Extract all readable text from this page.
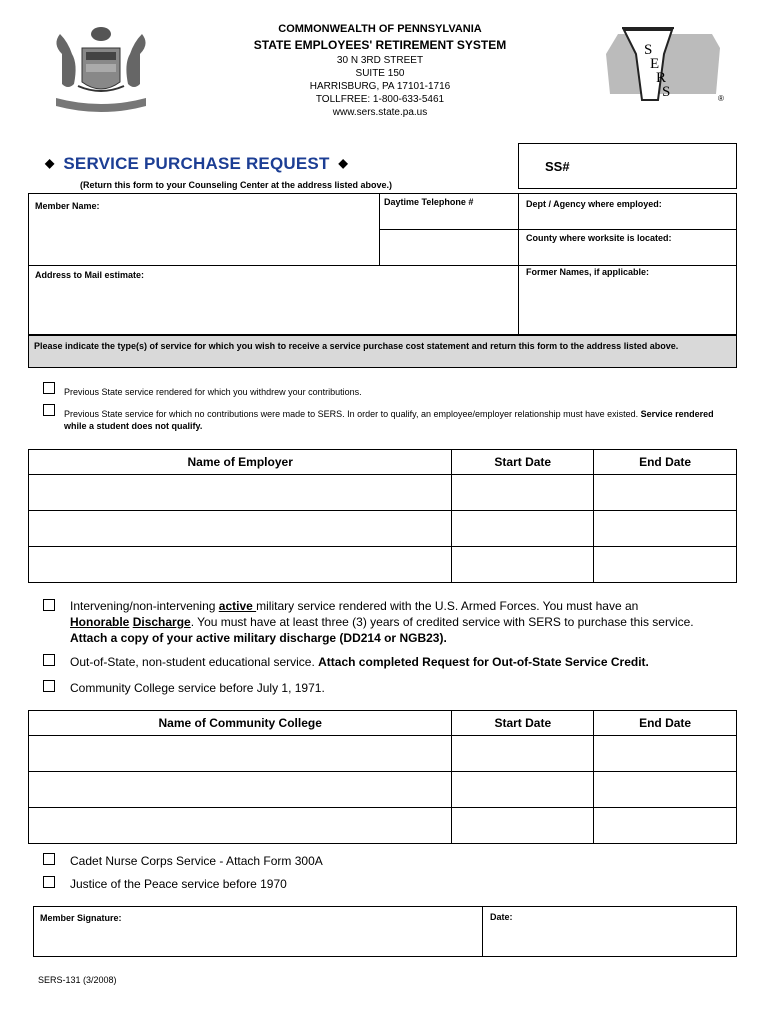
COMMONWEALTH OF PENNSYLVANIA
STATE EMPLOYEES' RETIREMENT SYSTEM
30 N 3RD STREET
SUITE 150
HARRISBURG, PA 17101-1716
TOLLFREE: 1-800-633-5461
www.sers.state.pa.us
S
E
R
S	®
◆ SERVICE PURCHASE REQUEST ◆
(Return this form to your Counseling Center at the address listed above.)
SS#
Member Name:	Daytime Telephone #	Dept / Agency where employed:
County where worksite is located:
Address to Mail estimate:	Former Names, if applicable:
Please indicate the type(s) of service for which you wish to receive a service purchase cost statement and return this form to the address listed above.
Previous State service rendered for which you withdrew your contributions.
Previous State service for which no contributions were made to SERS. In order to qualify, an employee/employer relationship must have existed. Service rendered while a student does not qualify.
Name of Employer	Start Date	End Date

Intervening/non-intervening active military service rendered with the U.S. Armed Forces. You must have an
Honorable Discharge. You must have at least three (3) years of credited service with SERS to purchase this service.
Attach a copy of your active military discharge (DD214 or NGB23).
Out-of-State, non-student educational service. Attach completed Request for Out-of-State Service Credit.
Community College service before July 1, 1971.
Name of Community College	Start Date	End Date

Cadet Nurse Corps Service - Attach Form 300A
Justice of the Peace service before 1970
Member Signature:	Date:
SERS-131 (3/2008)
